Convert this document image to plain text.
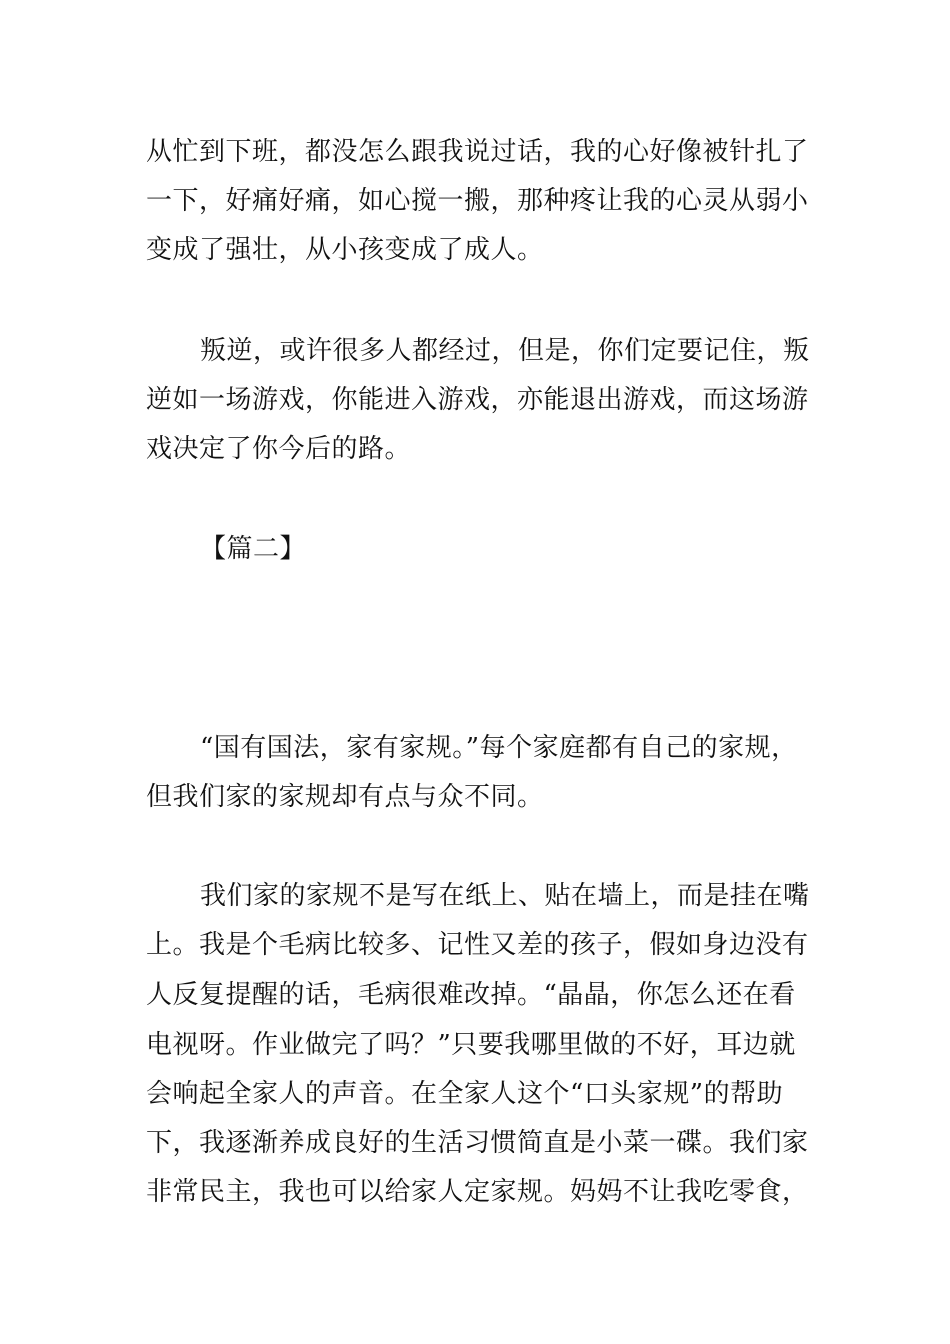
从忙到下班，都没怎么跟我说过话，我的心好像被针扎了
一下，好痛好痛，如心搅一搬，那种疼让我的心灵从弱小
变成了强壮，从小孩变成了成人。
叛逆，或许很多人都经过，但是，你们定要记住，叛
逆如一场游戏，你能进入游戏，亦能退出游戏，而这场游
戏决定了你今后的路。
【篇二】
“国有国法，家有家规。”每个家庭都有自己的家规，
但我们家的家规却有点与众不同。
我们家的家规不是写在纸上、贴在墙上，而是挂在嘴
上。我是个毛病比较多、记性又差的孩子，假如身边没有
人反复提醒的话，毛病很难改掉。“晶晶，你怎么还在看
电视呀。作业做完了吗？”只要我哪里做的不好，耳边就
会响起全家人的声音。在全家人这个“口头家规”的帮助
下，我逐渐养成良好的生活习惯简直是小菜一碟。我们家
非常民主，我也可以给家人定家规。妈妈不让我吃零食，
